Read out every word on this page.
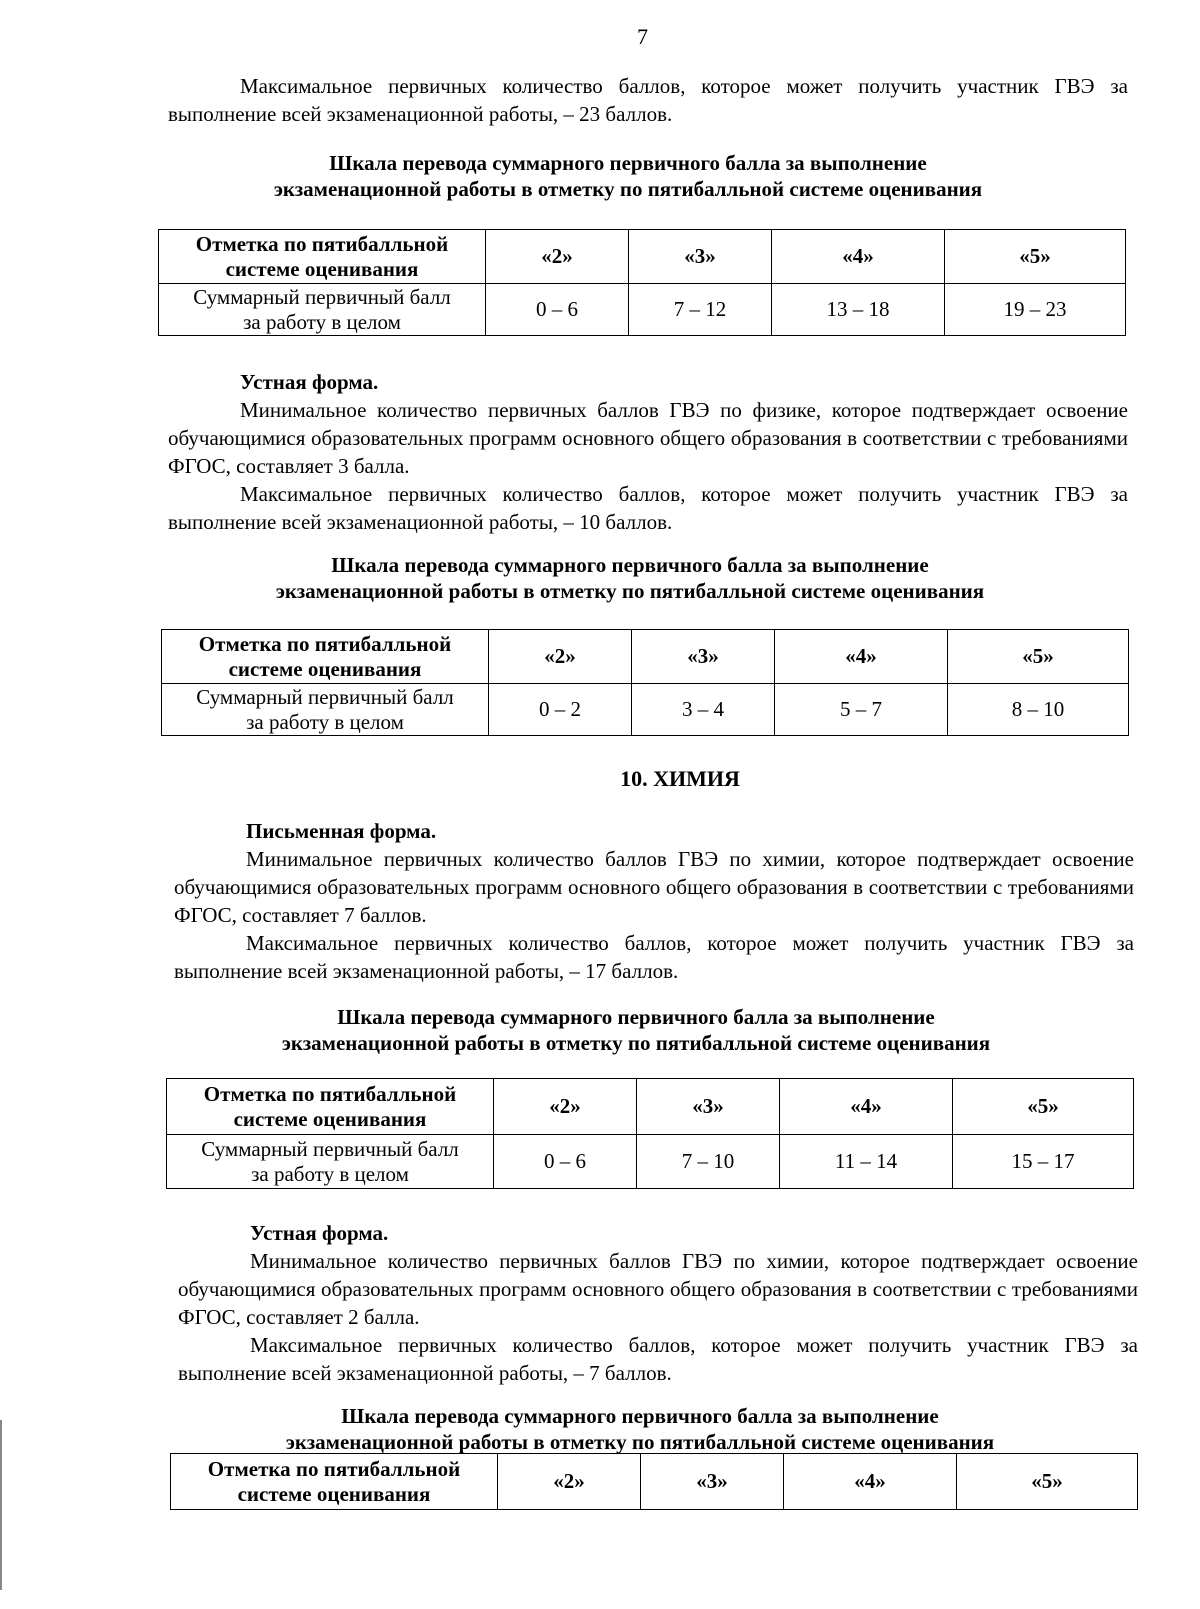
7

Максимальное первичных количество баллов, которое может получить участник ГВЭ за выполнение всей экзаменационной работы, – 23 баллов.

Шкала перевода суммарного первичного балла за выполнение
экзаменационной работы в отметку по пятибалльной системе оценивания
Отметка по пятибалльной
системе оценивания	«2»	«3»	«4»	«5»

Суммарный первичный балл
за работу в целом	0 – 6	7 – 12	13 – 18	19 – 23

Устная форма.

Минимальное количество первичных баллов ГВЭ по физике, которое подтверждает освоение обучающимися образовательных программ основного общего образования в соответствии с требованиями ФГОС, составляет 3 балла.

Максимальное первичных количество баллов, которое может получить участник ГВЭ за выполнение всей экзаменационной работы, – 10 баллов.

Шкала перевода суммарного первичного балла за выполнение
экзаменационной работы в отметку по пятибалльной системе оценивания
Отметка по пятибалльной
системе оценивания	«2»	«3»	«4»	«5»

Суммарный первичный балл
за работу в целом	0 – 2	3 – 4	5 – 7	8 – 10
10. ХИМИЯ

Письменная форма.

Минимальное первичных количество баллов ГВЭ по химии, которое подтверждает освоение обучающимися образовательных программ основного общего образования в соответствии с требованиями ФГОС, составляет 7 баллов.

Максимальное первичных количество баллов, которое может получить участник ГВЭ за выполнение всей экзаменационной работы, – 17 баллов.

Шкала перевода суммарного первичного балла за выполнение
экзаменационной работы в отметку по пятибалльной системе оценивания
Отметка по пятибалльной
системе оценивания	«2»	«3»	«4»	«5»

Суммарный первичный балл
за работу в целом	0 – 6	7 – 10	11 – 14	15 – 17

Устная форма.

Минимальное количество первичных баллов ГВЭ по химии, которое подтверждает освоение обучающимися образовательных программ основного общего образования в соответствии с требованиями ФГОС, составляет 2 балла.

Максимальное первичных количество баллов, которое может получить участник ГВЭ за выполнение всей экзаменационной работы, – 7 баллов.

Шкала перевода суммарного первичного балла за выполнение
экзаменационной работы в отметку по пятибалльной системе оценивания
Отметка по пятибалльной
системе оценивания
	«2»	«3»	«4»	«5»
